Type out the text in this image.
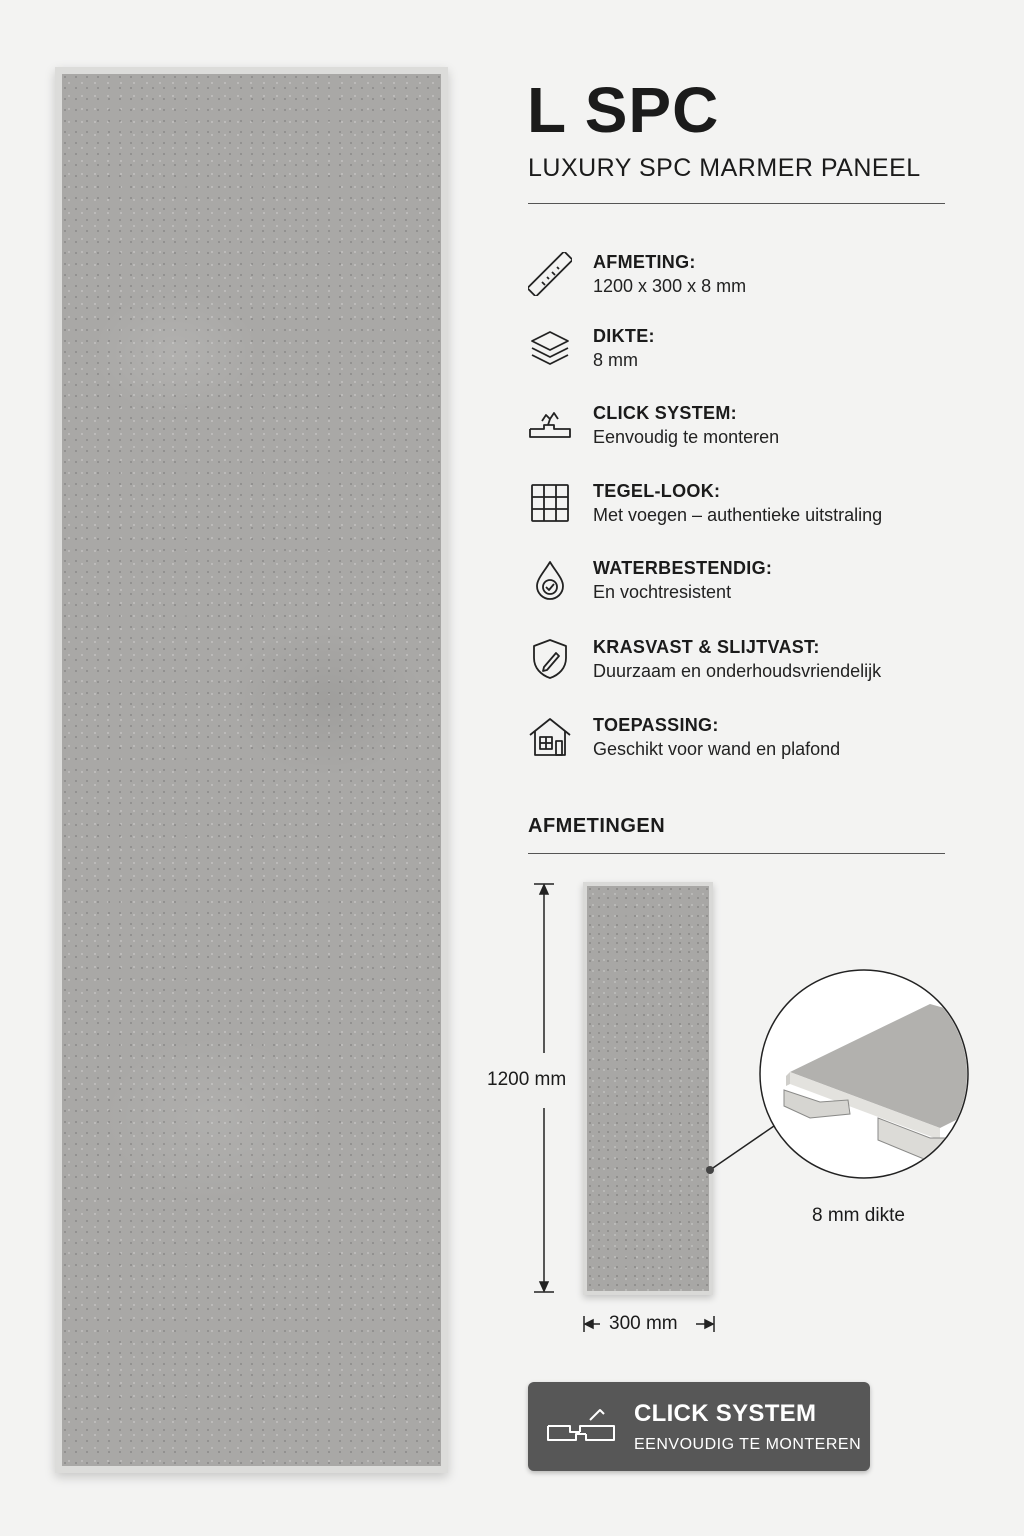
L SPC
LUXURY SPC MARMER PANEEL
AFMETING:
1200 x 300 x 8 mm
DIKTE:
8 mm
CLICK SYSTEM:
Eenvoudig te monteren
TEGEL-LOOK:
Met voegen – authentieke uitstraling
WATERBESTENDIG:
En vochtresistent
KRASVAST & SLIJTVAST:
Duurzaam en onderhoudsvriendelijk
TOEPASSING:
Geschikt voor wand en plafond
AFMETINGEN
1200 mm
300 mm
8 mm dikte
CLICK SYSTEM
EENVOUDIG TE MONTEREN
